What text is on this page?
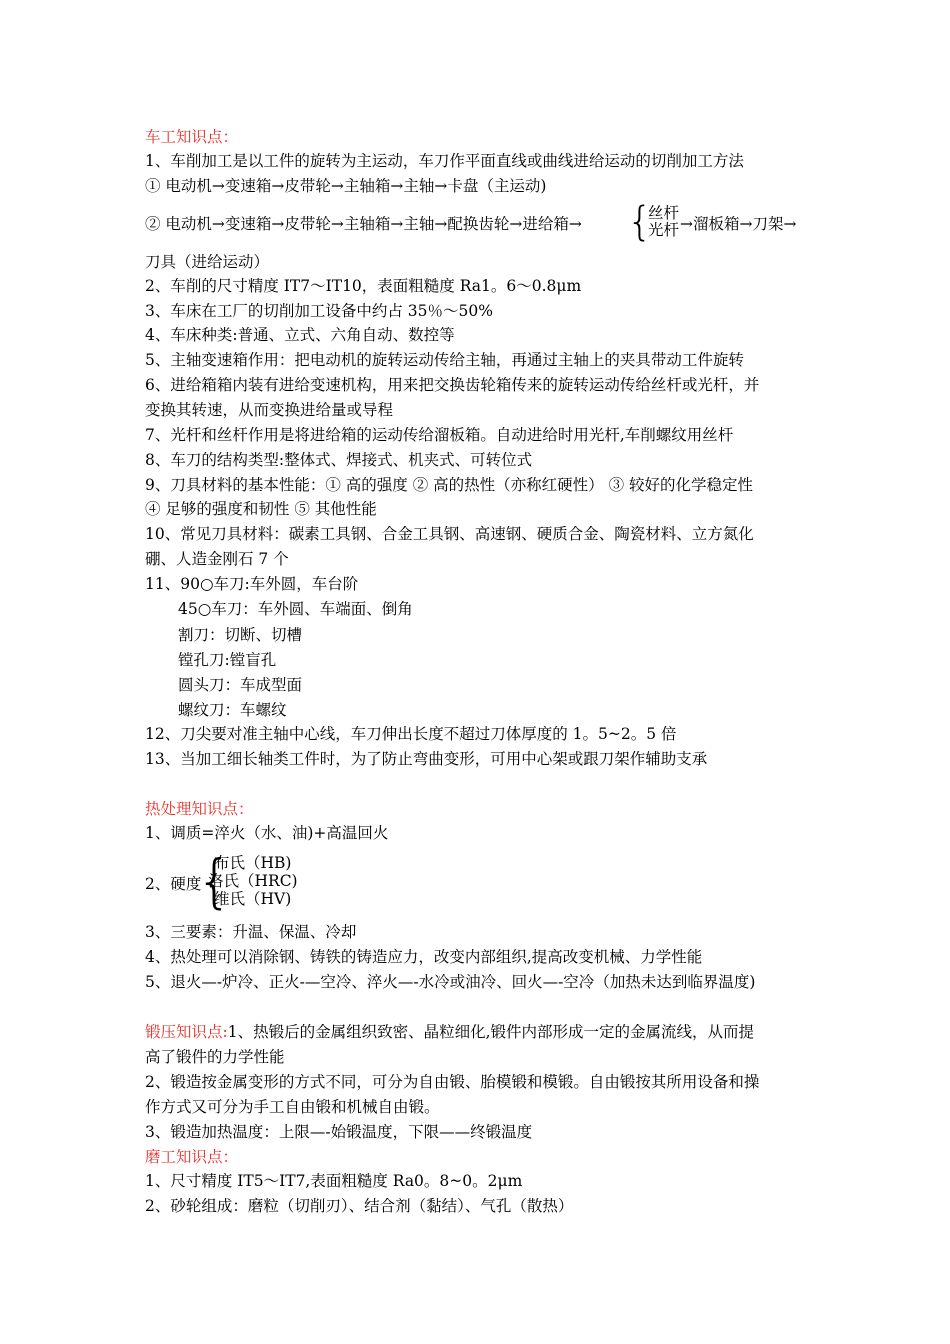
车工知识点：
1、车削加工是以工件的旋转为主运动，车刀作平面直线或曲线进给运动的切削加工方法
① 电动机→变速箱→皮带轮→主轴箱→主轴→卡盘（主运动)
② 电动机→变速箱→皮带轮→主轴箱→主轴→配换齿轮→进给箱→ {
丝杆
光杆 →溜板箱→刀架→
刀具（进给运动）
2、车削的尺寸精度 IT7～IT10，表面粗糙度 Ra1。6～0.8μm
3、车床在工厂的切削加工设备中约占 35％～50%
4、车床种类:普通、立式、六角自动、数控等
5、主轴变速箱作用：把电动机的旋转运动传给主轴，再通过主轴上的夹具带动工件旋转
6、进给箱箱内装有进给变速机构，用来把交换齿轮箱传来的旋转运动传给丝杆或光杆，并
变换其转速，从而变换进给量或导程
7、光杆和丝杆作用是将进给箱的运动传给溜板箱。自动进给时用光杆,车削螺纹用丝杆
8、车刀的结构类型:整体式、焊接式、机夹式、可转位式
9、刀具材料的基本性能：① 高的强度 ② 高的热性（亦称红硬性） ③ 较好的化学稳定性
④ 足够的强度和韧性 ⑤ 其他性能
10、常见刀具材料：碳素工具钢、合金工具钢、高速钢、硬质合金、陶瓷材料、立方氮化
硼、人造金刚石 7 个
11、90○车刀:车外圆，车台阶
45○车刀：车外圆、车端面、倒角
割刀：切断、切槽
镗孔刀:镗盲孔
圆头刀：车成型面
螺纹刀：车螺纹
12、刀尖要对准主轴中心线，车刀伸出长度不超过刀体厚度的 1。5~2。5 倍
13、当加工细长轴类工件时，为了防止弯曲变形，可用中心架或跟刀架作辅助支承
热处理知识点：
1、调质=淬火（水、油)+高温回火
2、硬度
{
布氏（HB)
洛氏（HRC)
维氏（HV)
3、三要素：升温、保温、冷却
4、热处理可以消除钢、铸铁的铸造应力，改变内部组织,提高改变机械、力学性能
5、退火—-炉冷、正火-—空冷、淬火—-水冷或油冷、回火—-空冷（加热未达到临界温度)
锻压知识点:1、热锻后的金属组织致密、晶粒细化,锻件内部形成一定的金属流线，从而提
高了锻件的力学性能
2、锻造按金属变形的方式不同，可分为自由锻、胎模锻和模锻。自由锻按其所用设备和操
作方式又可分为手工自由锻和机械自由锻。
3、锻造加热温度：上限—-始锻温度，下限——终锻温度
磨工知识点：
1、尺寸精度 IT5～IT7,表面粗糙度 Ra0。8~0。2μm
2、砂轮组成：磨粒（切削刃）、结合剂（黏结）、气孔（散热）
